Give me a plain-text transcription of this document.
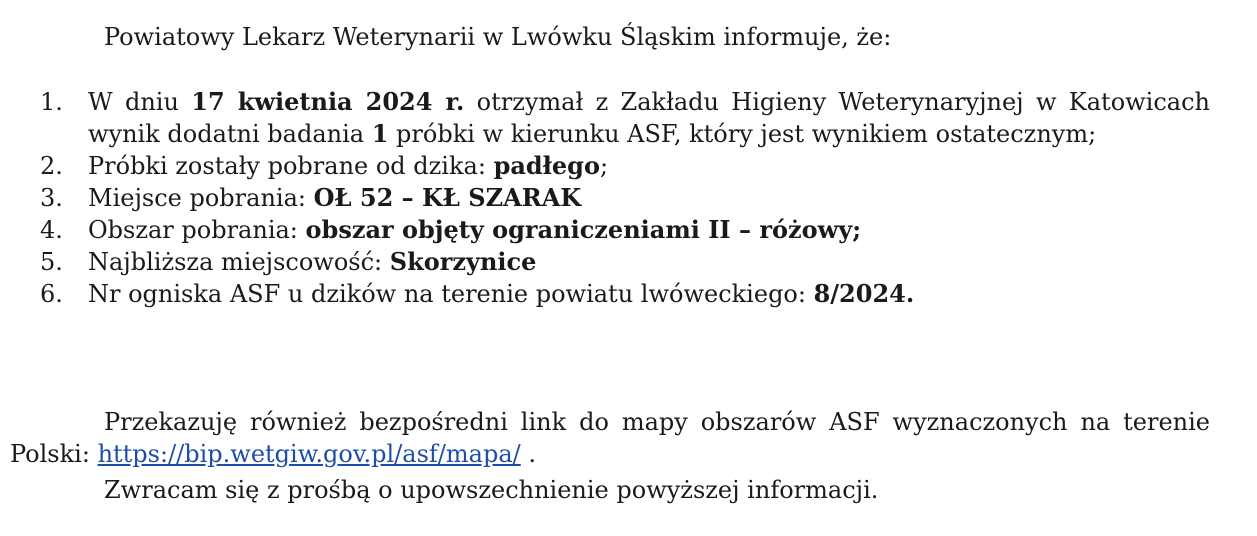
Powiatowy Lekarz Weterynarii w Lwówku Śląskim informuje, że:

1.	W dniu 17 kwietnia 2024 r. otrzymał z Zakładu Higieny Weterynaryjnej w Katowicach wynik dodatni badania 1 próbki w kierunku ASF, który jest wynikiem ostatecznym;
2.	Próbki zostały pobrane od dzika: padłego;
3.	Miejsce pobrania: OŁ 52 – KŁ SZARAK
4.	Obszar pobrania: obszar objęty ograniczeniami II – różowy;
5.	Najbliższa miejscowość: Skorzynice
6.	Nr ogniska ASF u dzików na terenie powiatu lwóweckiego: 8/2024.

Przekazuję również bezpośredni link do mapy obszarów ASF wyznaczonych na terenie Polski: https://bip.wetgiw.gov.pl/asf/mapa/ .

Zwracam się z prośbą o upowszechnienie powyższej informacji.
